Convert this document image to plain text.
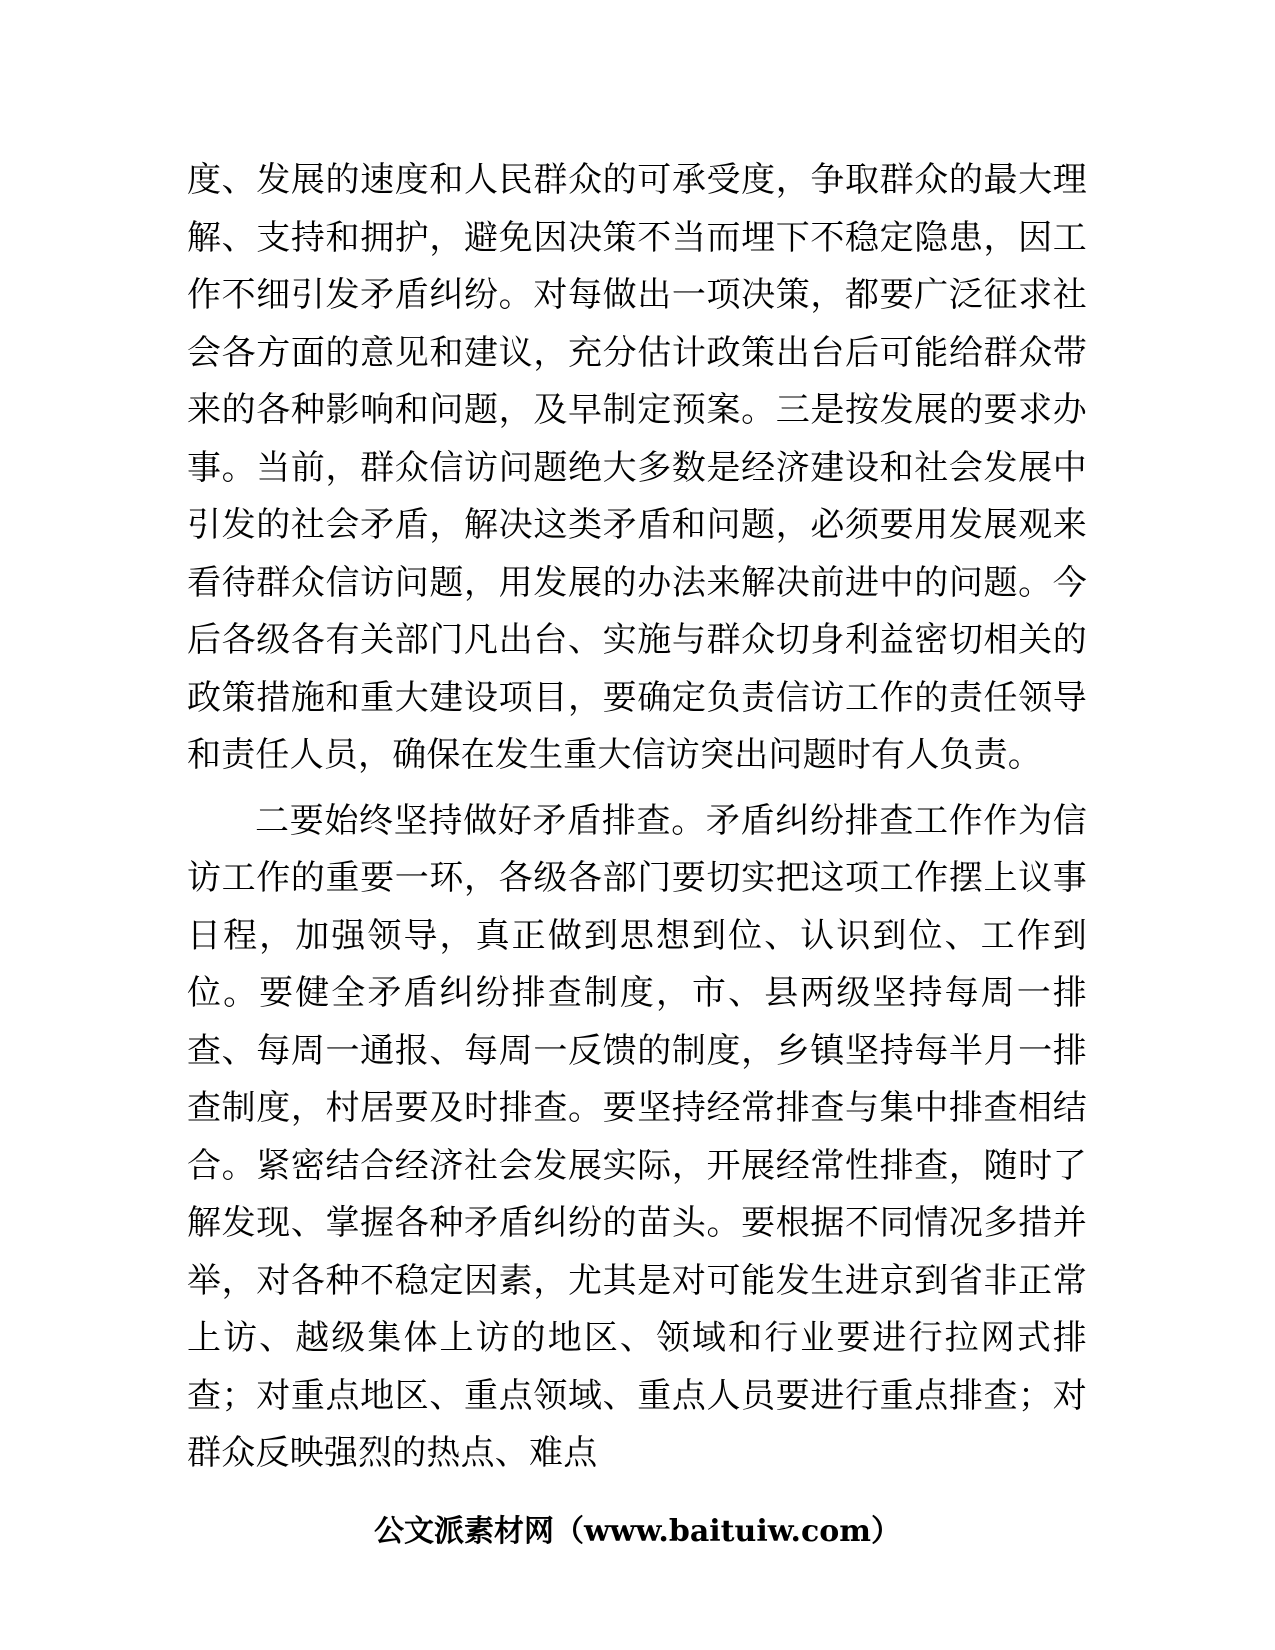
度、发展的速度和人民群众的可承受度，争取群众的最大理解、支持和拥护，避免因决策不当而埋下不稳定隐患，因工作不细引发矛盾纠纷。对每做出一项决策，都要广泛征求社会各方面的意见和建议，充分估计政策出台后可能给群众带来的各种影响和问题，及早制定预案。三是按发展的要求办事。当前，群众信访问题绝大多数是经济建设和社会发展中引发的社会矛盾，解决这类矛盾和问题，必须要用发展观来看待群众信访问题，用发展的办法来解决前进中的问题。今后各级各有关部门凡出台、实施与群众切身利益密切相关的政策措施和重大建设项目，要确定负责信访工作的责任领导和责任人员，确保在发生重大信访突出问题时有人负责。

二要始终坚持做好矛盾排查。矛盾纠纷排查工作作为信访工作的重要一环，各级各部门要切实把这项工作摆上议事日程，加强领导，真正做到思想到位、认识到位、工作到位。要健全矛盾纠纷排查制度，市、县两级坚持每周一排查、每周一通报、每周一反馈的制度，乡镇坚持每半月一排查制度，村居要及时排查。要坚持经常排查与集中排查相结合。紧密结合经济社会发展实际，开展经常性排查，随时了解发现、掌握各种矛盾纠纷的苗头。要根据不同情况多措并举，对各种不稳定因素，尤其是对可能发生进京到省非正常上访、越级集体上访的地区、领域和行业要进行拉网式排查；对重点地区、重点领域、重点人员要进行重点排查；对群众反映强烈的热点、难点

公文派素材网（www.baituiw.com）
